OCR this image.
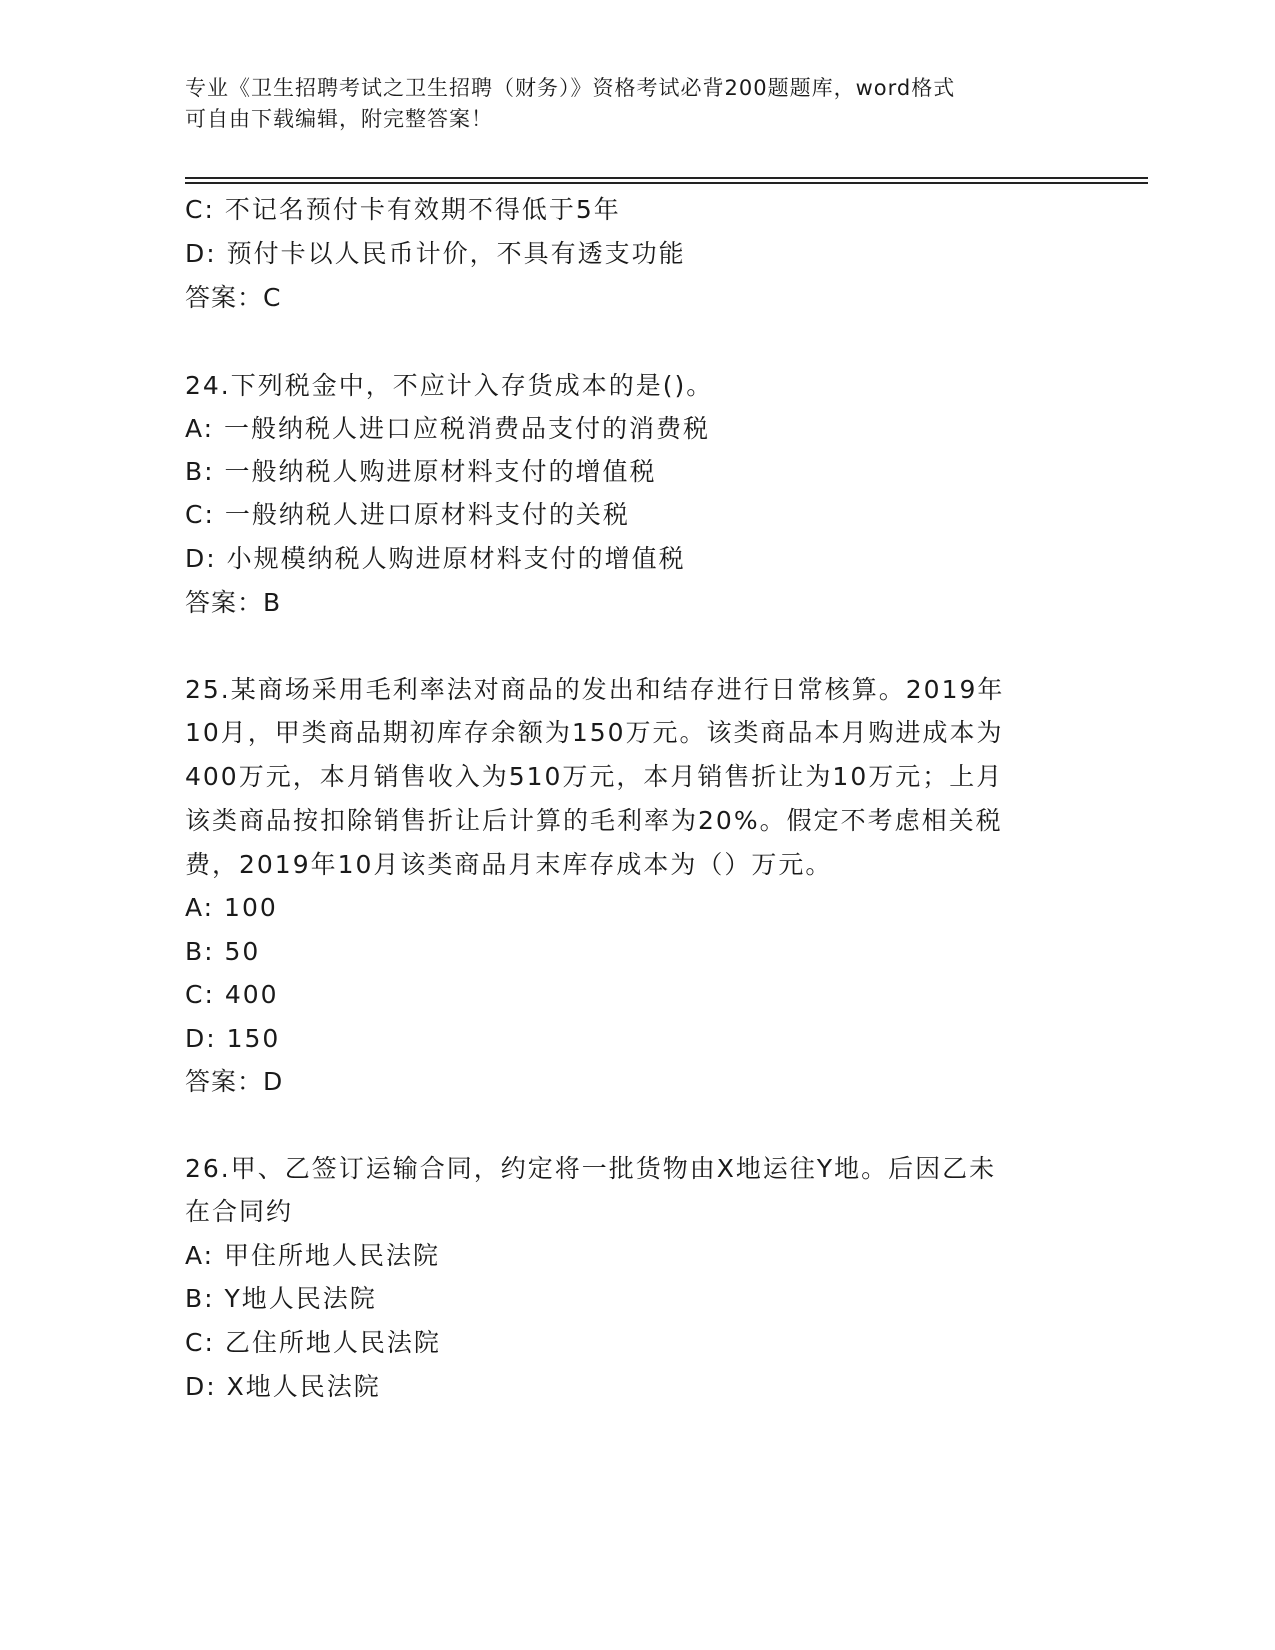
专业《卫生招聘考试之卫生招聘（财务）》资格考试必背200题题库，word格式
可自由下载编辑，附完整答案！
C: 不记名预付卡有效期不得低于5年
D: 预付卡以人民币计价，不具有透支功能
答案：C
24.下列税金中，不应计入存货成本的是()。
A: 一般纳税人进口应税消费品支付的消费税
B: 一般纳税人购进原材料支付的增值税
C: 一般纳税人进口原材料支付的关税
D: 小规模纳税人购进原材料支付的增值税
答案：B
25.某商场采用毛利率法对商品的发出和结存进行日常核算。2019年
10月，甲类商品期初库存余额为150万元。该类商品本月购进成本为
400万元，本月销售收入为510万元，本月销售折让为10万元；上月
该类商品按扣除销售折让后计算的毛利率为20%。假定不考虑相关税
费，2019年10月该类商品月末库存成本为（）万元。
A: 100
B: 50
C: 400
D: 150
答案：D
26.甲、乙签订运输合同，约定将一批货物由X地运往Y地。后因乙未
在合同约
A: 甲住所地人民法院
B: Y地人民法院
C: 乙住所地人民法院
D: X地人民法院
